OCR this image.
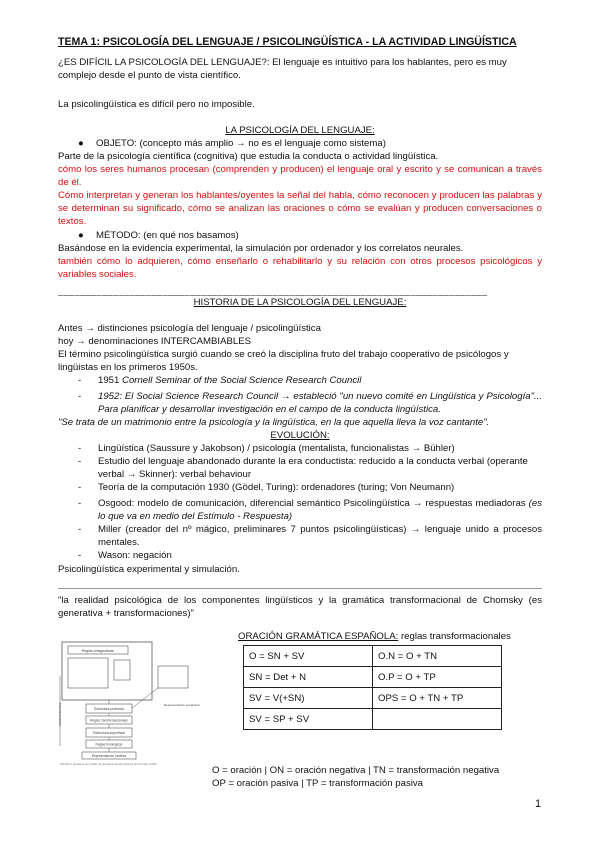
TEMA 1: PSICOLOGÍA DEL LENGUAJE / PSICOLINGÜÍSTICA - LA ACTIVIDAD LINGÜÍSTICA
¿ES DIFÍCIL LA PSICOLOGÍA DEL LENGUAJE?: El lenguaje es intuitivo para los hablantes, pero es muy complejo desde el punto de vista científico.
La psicolingüística es difícil pero no imposible.
LA PSICOLOGÍA DEL LENGUAJE:
● OBJETO: (concepto más amplio → no es el lenguaje como sistema)
Parte de la psicología científica (cognitiva) que estudia la conducta o actividad lingüística.
cómo los seres humanos procesan (comprenden y producen) el lenguaje oral y escrito y se comunican a través de él.
Cómo interpretan y generan los hablantes/oyentes la señal del habla, cómo reconocen y producen las palabras y se determinan su significado, cómo se analizan las oraciones o cómo se evalúan y producen conversaciones o textos.
● MÉTODO: (en qué nos basamos)
Basándose en la evidencia experimental, la simulación por ordenador y los correlatos neurales.
también cómo lo adquieren, cómo enseñarlo o rehabilitarlo y su relación con otros procesos psicológicos y variables sociales.
______________________________________________________________________________
HISTORIA DE LA PSICOLOGÍA DEL LENGUAJE:
Antes → distinciones psicología del lenguaje / psicolingüística
hoy → denominaciones INTERCAMBIABLES
El término psicolingüística surgió cuando se creó la disciplina fruto del trabajo cooperativo de psicólogos y lingüistas en los primeros 1950s.
- 1951 Cornell Seminar of the Social Science Research Council
- 1952: El Social Science Research Council → estableció "un nuevo comité en Lingüística y Psicología"... Para planificar y desarrollar investigación en el campo de la conducta lingüística.
"Se trata de un matrimonio entre la psicología y la lingüística, en la que aquella lleva la voz cantante".
EVOLUCIÓN:
- Lingüística (Saussure y Jakobson) / psicología (mentalista, funcionalistas → Bühler)
- Estudio del lenguaje abandonado durante la era conductista: reducido a la conducta verbal (operante verbal → Skinner): verbal behaviour
- Teoría de la computación 1930 (Gödel, Turing): ordenadores (turing; Von Neumann)
- Osgood: modelo de comunicación, diferencial semántico Psicolingüística → respuestas mediadoras (es lo que va en medio del Estímulo - Respuesta)
- Miller (creador del nº mágico, preliminares 7 puntos psicolingüísticas) → lenguaje unido a procesos mentales.
- Wason: negación
Psicolingüística experimental y simulación.
"la realidad psicológica de los componentes lingüísticos y la gramática transformacional de Chomsky (es generativa + transformaciones)"
Reglas sintagmáticas
COMPONENTES	Estructura profunda
Reglas transformacionales
Representación semántica
Estructura superficial
Reglas fonológicas
Representación fonética
FIGURA 1. Esquema del modelo de gramática transformacional de Chomsky (1965).
ORACIÓN GRAMÁTICA ESPAÑOLA: reglas transformacionales
O = SN + SV	O.N = O + TN
SN = Det + N	O.P = O + TP
SV = V(+SN)	OPS = O + TN + TP
SV = SP + SV	
O = oración | ON = oración negativa | TN = transformación negativa
OP = oración pasiva | TP = transformación pasiva
1
